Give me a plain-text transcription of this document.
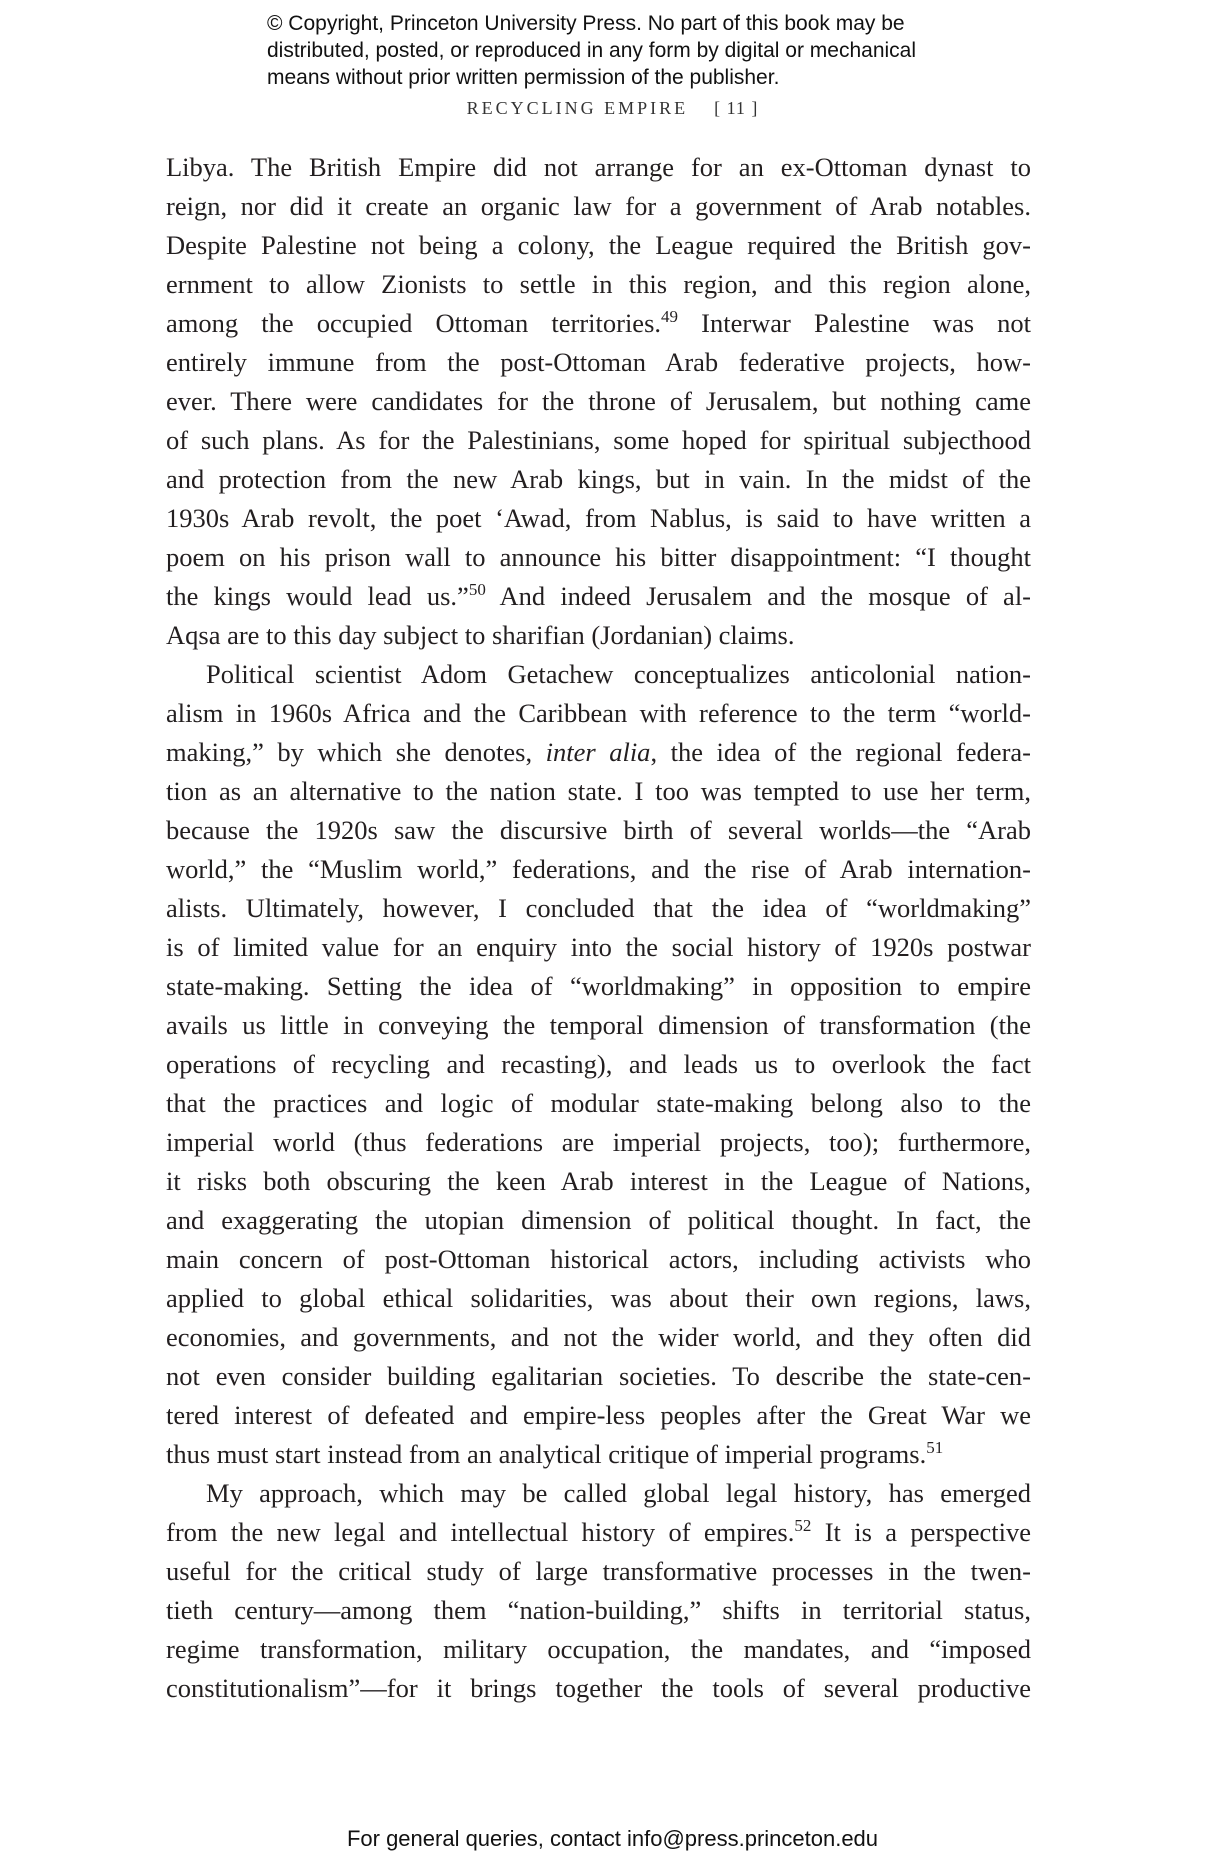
© Copyright, Princeton University Press. No part of this book may be
distributed, posted, or reproduced in any form by digital or mechanical
means without prior written permission of the publisher.
RECYCLING EMPIRE [ 11 ]
Libya. The British Empire did not arrange for an ex-Ottoman dynast to
reign, nor did it create an organic law for a government of Arab notables.
Despite Palestine not being a colony, the League required the British gov-
ernment to allow Zionists to settle in this region, and this region alone,
among the occupied Ottoman territories.$^{49}$ Interwar Palestine was not
entirely immune from the post-Ottoman Arab federative projects, how-
ever. There were candidates for the throne of Jerusalem, but nothing came
of such plans. As for the Palestinians, some hoped for spiritual subjecthood
and protection from the new Arab kings, but in vain. In the midst of the
1930s Arab revolt, the poet ‘Awad, from Nablus, is said to have written a
poem on his prison wall to announce his bitter disappointment: “I thought
the kings would lead us.”$^{50}$ And indeed Jerusalem and the mosque of al-
Aqsa are to this day subject to sharifian (Jordanian) claims.
Political scientist Adom Getachew conceptualizes anticolonial nation-
alism in 1960s Africa and the Caribbean with reference to the term “world-
making,” by which she denotes, inter alia, the idea of the regional federa-
tion as an alternative to the nation state. I too was tempted to use her term,
because the 1920s saw the discursive birth of several worlds—the “Arab
world,” the “Muslim world,” federations, and the rise of Arab internation-
alists. Ultimately, however, I concluded that the idea of “worldmaking”
is of limited value for an enquiry into the social history of 1920s postwar
state-making. Setting the idea of “worldmaking” in opposition to empire
avails us little in conveying the temporal dimension of transformation (the
operations of recycling and recasting), and leads us to overlook the fact
that the practices and logic of modular state-making belong also to the
imperial world (thus federations are imperial projects, too); furthermore,
it risks both obscuring the keen Arab interest in the League of Nations,
and exaggerating the utopian dimension of political thought. In fact, the
main concern of post-Ottoman historical actors, including activists who
applied to global ethical solidarities, was about their own regions, laws,
economies, and governments, and not the wider world, and they often did
not even consider building egalitarian societies. To describe the state-cen-
tered interest of defeated and empire-less peoples after the Great War we
thus must start instead from an analytical critique of imperial programs.$^{51}$
My approach, which may be called global legal history, has emerged
from the new legal and intellectual history of empires.$^{52}$ It is a perspective
useful for the critical study of large transformative processes in the twen-
tieth century—among them “nation-building,” shifts in territorial status,
regime transformation, military occupation, the mandates, and “imposed
constitutionalism”—for it brings together the tools of several productive
For general queries, contact info@press.princeton.edu
